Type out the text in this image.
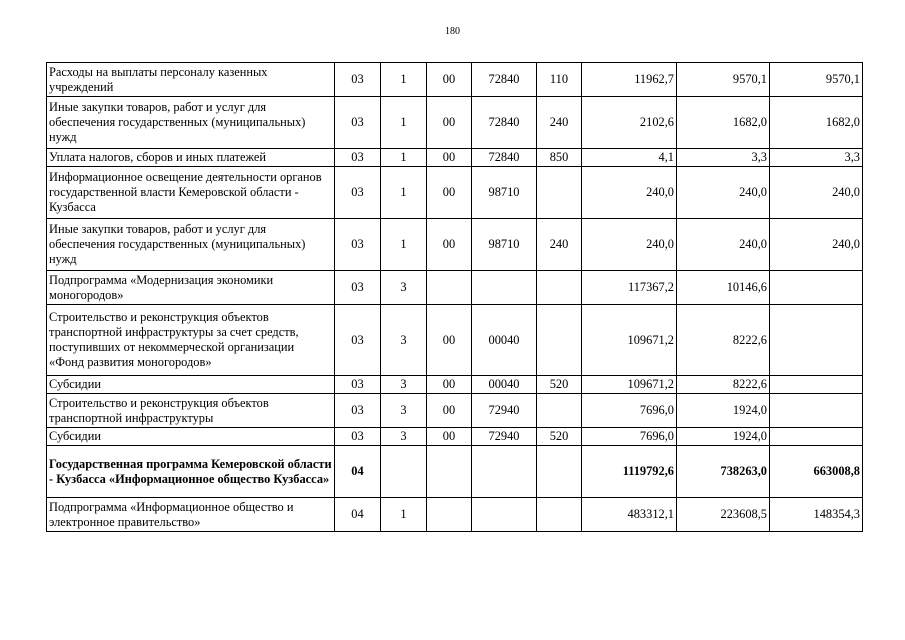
180
Расходы на выплаты персоналу казенных учреждений	03	1	00	72840	110	11962,7	9570,1	9570,1
Иные закупки товаров, работ и услуг для обеспечения государственных (муниципальных) нужд	03	1	00	72840	240	2102,6	1682,0	1682,0
Уплата налогов, сборов и иных платежей	03	1	00	72840	850	4,1	3,3	3,3
Информационное освещение деятельности органов государственной власти Кемеровской области - Кузбасса	03	1	00	98710		240,0	240,0	240,0
Иные закупки товаров, работ и услуг для обеспечения государственных (муниципальных) нужд	03	1	00	98710	240	240,0	240,0	240,0
Подпрограмма «Модернизация экономики моногородов»	03	3				117367,2	10146,6	
Строительство и реконструкция объектов транспортной инфраструктуры за счет средств, поступивших от некоммерческой организации «Фонд развития моногородов»	03	3	00	00040		109671,2	8222,6	
Субсидии	03	3	00	00040	520	109671,2	8222,6	
Строительство и реконструкция объектов транспортной инфраструктуры	03	3	00	72940		7696,0	1924,0	
Субсидии	03	3	00	72940	520	7696,0	1924,0	
Государственная программа Кемеровской области - Кузбасса «Информационное общество Кузбасса»	04					1119792,6	738263,0	663008,8
Подпрограмма «Информационное общество и электронное правительство»	04	1				483312,1	223608,5	148354,3
